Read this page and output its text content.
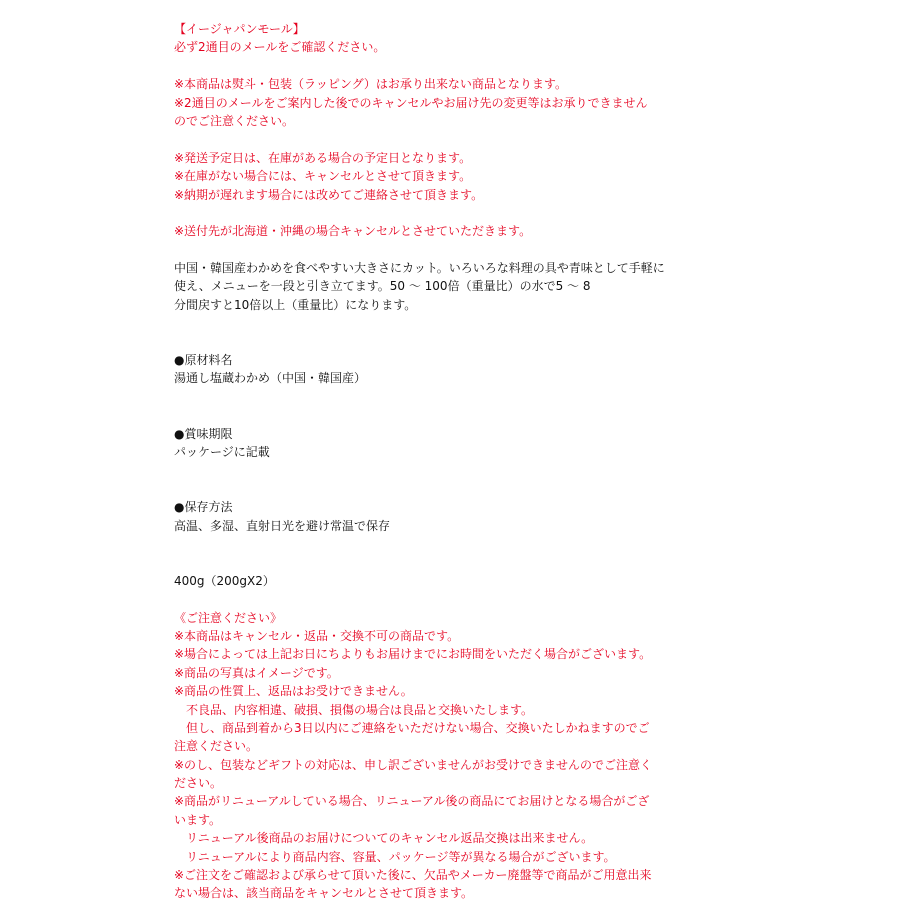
【イージャパンモール】
必ず2通目のメールをご確認ください。
※本商品は熨斗・包装（ラッピング）はお承り出来ない商品となります。
※2通目のメールをご案内した後でのキャンセルやお届け先の変更等はお承りできません
のでご注意ください。
※発送予定日は、在庫がある場合の予定日となります。
※在庫がない場合には、キャンセルとさせて頂きます。
※納期が遅れます場合には改めてご連絡させて頂きます。
※送付先が北海道・沖縄の場合キャンセルとさせていただきます。
中国・韓国産わかめを食べやすい大きさにカット。いろいろな料理の具や青味として手軽に
使え、メニューを一段と引き立てます。50 ～ 100倍（重量比）の水で5 ～ 8
分間戻すと10倍以上（重量比）になります。
●原材料名
湯通し塩蔵わかめ（中国・韓国産）
●賞味期限
パッケージに記載
●保存方法
高温、多湿、直射日光を避け常温で保存
400g（200gX2）
《ご注意ください》
※本商品はキャンセル・返品・交換不可の商品です。
※場合によっては上記お日にちよりもお届けまでにお時間をいただく場合がございます。
※商品の写真はイメージです。
※商品の性質上、返品はお受けできません。
　不良品、内容相違、破損、損傷の場合は良品と交換いたします。
　但し、商品到着から3日以内にご連絡をいただけない場合、交換いたしかねますのでご
注意ください。
※のし、包装などギフトの対応は、申し訳ございませんがお受けできませんのでご注意く
ださい。
※商品がリニューアルしている場合、リニューアル後の商品にてお届けとなる場合がござ
います。
　リニューアル後商品のお届けについてのキャンセル返品交換は出来ません。
　リニューアルにより商品内容、容量、パッケージ等が異なる場合がございます。
※ご注文をご確認および承らせて頂いた後に、欠品やメーカー廃盤等で商品がご用意出来
ない場合は、該当商品をキャンセルとさせて頂きます。
